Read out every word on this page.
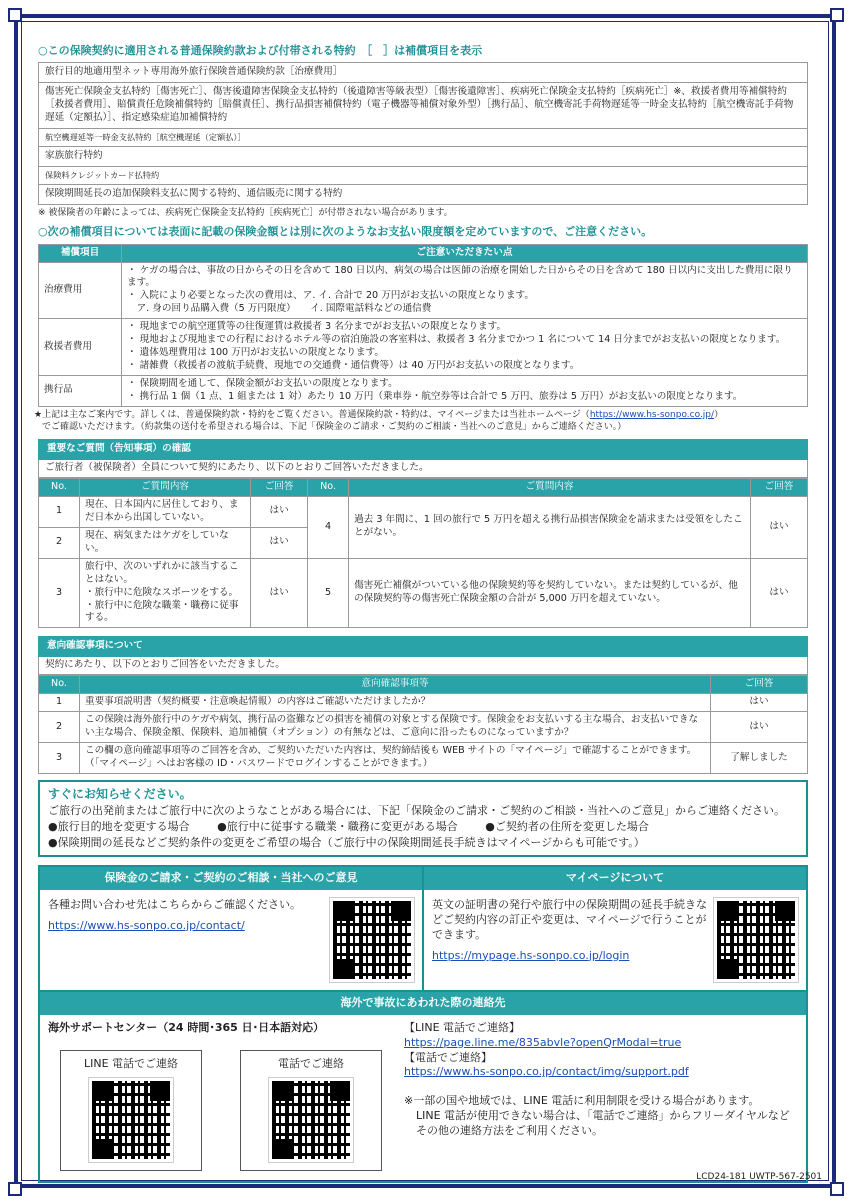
○この保険契約に適用される普通保険約款および付帯される特約　［　］は補償項目を表示
旅行目的地適用型ネット専用海外旅行保険普通保険約款［治療費用］
傷害死亡保険金支払特約［傷害死亡］、傷害後遺障害保険金支払特約（後遺障害等級表型）［傷害後遺障害］、疾病死亡保険金支払特約［疾病死亡］※、救援者費用等補償特約［救援者費用］、賠償責任危険補償特約［賠償責任］、携行品損害補償特約（電子機器等補償対象外型）［携行品］、航空機寄託手荷物遅延等一時金支払特約［航空機寄託手荷物遅延（定額払）］、指定感染症追加補償特約
航空機遅延等一時金支払特約［航空機遅延（定額払）］
家族旅行特約
保険料クレジットカード払特約
保険期間延長の追加保険料支払に関する特約、通信販売に関する特約
※ 被保険者の年齢によっては、疾病死亡保険金支払特約［疾病死亡］が付帯されない場合があります。
○次の補償項目については表面に記載の保険金額とは別に次のようなお支払い限度額を定めていますので、ご注意ください。
補償項目	ご注意いただきたい点
治療費用	・ ケガの場合は、事故の日からその日を含めて 180 日以内、病気の場合は医師の治療を開始した日からその日を含めて 180 日以内に支出した費用に限ります。
・ 入院により必要となった次の費用は、ア. イ. 合計で 20 万円がお支払いの限度となります。
　ア. 身の回り品購入費（5 万円限度）　　イ. 国際電話料などの通信費

救援者費用	・ 現地までの航空運賃等の往復運賃は救援者 3 名分までがお支払いの限度となります。
・ 現地および現地までの行程におけるホテル等の宿泊施設の客室料は、救援者 3 名分までかつ 1 名について 14 日分までがお支払いの限度となります。
・ 遺体処理費用は 100 万円がお支払いの限度となります。
・ 諸雑費（救援者の渡航手続費、現地での交通費・通信費等）は 40 万円がお支払いの限度となります。

携行品	・ 保険期間を通して、保険金額がお支払いの限度となります。
・ 携行品 1 個（1 点、1 組または 1 対）あたり 10 万円（乗車券・航空券等は合計で 5 万円、旅券は 5 万円）がお支払いの限度となります。
★上記は主なご案内です。詳しくは、普通保険約款・特約をご覧ください。普通保険約款・特約は、マイページまたは当社ホームページ（https://www.hs-sonpo.co.jp/）
でご確認いただけます。（約款集の送付を希望される場合は、下記「保険金のご請求・ご契約のご相談・当社へのご意見」からご連絡ください。）
重要なご質問（告知事項）の確認
ご旅行者（被保険者）全員について契約にあたり、以下のとおりご回答いただきました。
No.	ご質問内容	ご回答	No.	ご質問内容	ご回答
1	現在、日本国内に居住しており、まだ日本から出国していない。	はい	4	過去 3 年間に、1 回の旅行で 5 万円を超える携行品損害保険金を請求または受領をしたことがない。	はい
2	現在、病気またはケガをしていない。	はい			
3	旅行中、次のいずれかに該当することはない。
・旅行中に危険なスポーツをする。
・旅行中に危険な職業・職務に従事する。	はい	5	傷害死亡補償がついている他の保険契約等を契約していない。または契約しているが、他の保険契約等の傷害死亡保険金額の合計が 5,000 万円を超えていない。	はい
意向確認事項について
契約にあたり、以下のとおりご回答をいただきました。
No.	意向確認事項等	ご回答
1	重要事項説明書（契約概要・注意喚起情報）の内容はご確認いただけましたか？	はい
2	この保険は海外旅行中のケガや病気、携行品の盗難などの損害を補償の対象とする保険です。保険金をお支払いする主な場合、お支払いできない主な場合、保険金額、保険料、追加補償（オプション）の有無などは、ご意向に沿ったものになっていますか？	はい
3	この欄の意向確認事項等のご回答を含め、ご契約いただいた内容は、契約締結後も WEB サイトの「マイページ」で確認することができます。（「マイページ」へはお客様の ID・パスワードでログインすることができます。）	了解しました
すぐにお知らせください。
ご旅行の出発前またはご旅行中に次のようなことがある場合には、下記「保険金のご請求・ご契約のご相談・当社へのご意見」からご連絡ください。
●旅行目的地を変更する場合	●旅行中に従事する職業・職務に変更がある場合	●ご契約者の住所を変更した場合
●保険期間の延長などご契約条件の変更をご希望の場合（ご旅行中の保険期間延長手続きはマイページからも可能です。）
保険金のご請求・ご契約のご相談・当社へのご意見
各種お問い合わせ先はこちらからご確認ください。
https://www.hs-sonpo.co.jp/contact/
マイページについて
英文の証明書の発行や旅行中の保険期間の延長手続きなどご契約内容の訂正や変更は、マイページで行うことができます。
https://mypage.hs-sonpo.co.jp/login
海外で事故にあわれた際の連絡先
海外サポートセンター（24 時間･365 日･日本語対応）
LINE 電話でご連絡	電話でご連絡
【LINE 電話でご連絡】
https://page.line.me/835abvle?openQrModal=true
【電話でご連絡】
https://www.hs-sonpo.co.jp/contact/img/support.pdf
※一部の国や地域では、LINE 電話に利用制限を受ける場合があります。
LINE 電話が使用できない場合は、「電話でご連絡」からフリーダイヤルなどその他の連絡方法をご利用ください。
LCD24-181 UWTP-567-2501
